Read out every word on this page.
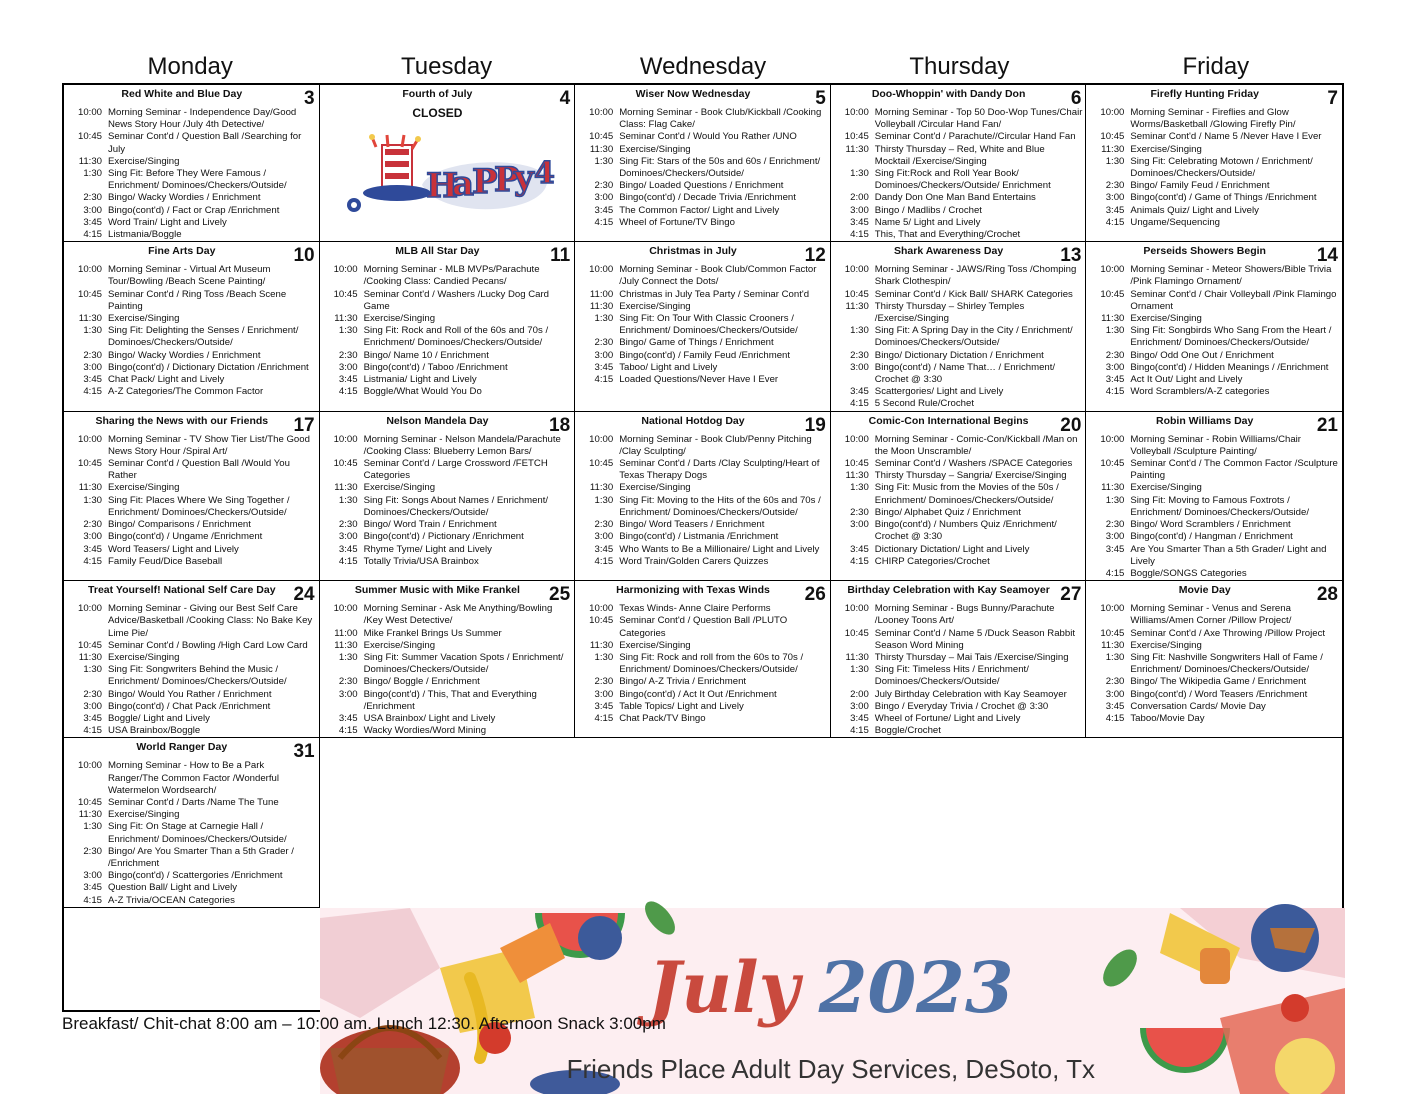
Monday	Tuesday	Wednesday	Thursday	Friday
Red White and Blue Day	3
10:00 Morning Seminar - Independence Day/Good News Story Hour /July 4th Detective/
10:45 Seminar Cont'd / Question Ball /Searching for July
11:30 Exercise/Singing
1:30 Sing Fit: Before They Were Famous / Enrichment/ Dominoes/Checkers/Outside/
2:30 Bingo/ Wacky Wordies / Enrichment
3:00 Bingo(cont'd) / Fact or Crap /Enrichment
3:45 Word Train/ Light and Lively
4:15 Listmania/Boggle
Fourth of July	4
CLOSED
H
a
P
P
y 4
Wiser Now Wednesday	5
10:00 Morning Seminar - Book Club/Kickball /Cooking Class: Flag Cake/
10:45 Seminar Cont'd / Would You Rather /UNO
11:30 Exercise/Singing
1:30 Sing Fit: Stars of the 50s and 60s / Enrichment/ Dominoes/Checkers/Outside/
2:30 Bingo/ Loaded Questions / Enrichment
3:00 Bingo(cont'd) / Decade Trivia /Enrichment
3:45 The Common Factor/ Light and Lively
4:15 Wheel of Fortune/TV Bingo
Doo-Whoppin' with Dandy Don	6
10:00 Morning Seminar - Top 50 Doo-Wop Tunes/Chair Volleyball /Circular Hand Fan/
10:45 Seminar Cont'd / Parachute//Circular Hand Fan
11:30 Thirsty Thursday – Red, White and Blue Mocktail /Exercise/Singing
1:30 Sing Fit:Rock and Roll Year Book/ Dominoes/Checkers/Outside/ Enrichment
2:00 Dandy Don One Man Band Entertains
3:00 Bingo / Madlibs / Crochet
3:45 Name 5/ Light and Lively
4:15 This, That and Everything/Crochet
Firefly Hunting Friday	7
10:00 Morning Seminar - Fireflies and Glow Worms/Basketball /Glowing Firefly Pin/
10:45 Seminar Cont'd / Name 5 /Never Have I Ever
11:30 Exercise/Singing
1:30 Sing Fit: Celebrating Motown / Enrichment/ Dominoes/Checkers/Outside/
2:30 Bingo/ Family Feud / Enrichment
3:00 Bingo(cont'd) / Game of Things /Enrichment
3:45 Animals Quiz/ Light and Lively
4:15 Ungame/Sequencing
Fine Arts Day	10
10:00 Morning Seminar - Virtual Art Museum Tour/Bowling /Beach Scene Painting/
10:45 Seminar Cont'd / Ring Toss /Beach Scene Painting
11:30 Exercise/Singing
1:30 Sing Fit: Delighting the Senses / Enrichment/ Dominoes/Checkers/Outside/
2:30 Bingo/ Wacky Wordies / Enrichment
3:00 Bingo(cont'd) / Dictionary Dictation /Enrichment
3:45 Chat Pack/ Light and Lively
4:15 A-Z Categories/The Common Factor
MLB All Star Day	11
10:00 Morning Seminar - MLB MVPs/Parachute /Cooking Class: Candied Pecans/
10:45 Seminar Cont'd / Washers /Lucky Dog Card Game
11:30 Exercise/Singing
1:30 Sing Fit: Rock and Roll of the 60s and 70s / Enrichment/ Dominoes/Checkers/Outside/
2:30 Bingo/ Name 10 / Enrichment
3:00 Bingo(cont'd) / Taboo /Enrichment
3:45 Listmania/ Light and Lively
4:15 Boggle/What Would You Do
Christmas in July	12
10:00 Morning Seminar - Book Club/Common Factor /July Connect the Dots/
11:00 Christmas in July Tea Party / Seminar Cont'd
11:30 Exercise/Singing
1:30 Sing Fit: On Tour With Classic Crooners / Enrichment/ Dominoes/Checkers/Outside/
2:30 Bingo/ Game of Things / Enrichment
3:00 Bingo(cont'd) / Family Feud /Enrichment
3:45 Taboo/ Light and Lively
4:15 Loaded Questions/Never Have I Ever
Shark Awareness Day	13
10:00 Morning Seminar - JAWS/Ring Toss /Chomping Shark Clothespin/
10:45 Seminar Cont'd / Kick Ball/ SHARK Categories
11:30 Thirsty Thursday – Shirley Temples /Exercise/Singing
1:30 Sing Fit: A Spring Day in the City / Enrichment/ Dominoes/Checkers/Outside/
2:30 Bingo/ Dictionary Dictation / Enrichment
3:00 Bingo(cont'd) / Name That… / Enrichment/ Crochet @ 3:30
3:45 Scattergories/ Light and Lively
4:15 5 Second Rule/Crochet
Perseids Showers Begin	14
10:00 Morning Seminar - Meteor Showers/Bible Trivia /Pink Flamingo Ornament/
10:45 Seminar Cont'd / Chair Volleyball /Pink Flamingo Ornament
11:30 Exercise/Singing
1:30 Sing Fit: Songbirds Who Sang From the Heart / Enrichment/ Dominoes/Checkers/Outside/
2:30 Bingo/ Odd One Out / Enrichment
3:00 Bingo(cont'd) / Hidden Meanings / /Enrichment
3:45 Act It Out/ Light and Lively
4:15 Word Scramblers/A-Z categories
Sharing the News with our Friends	17
10:00 Morning Seminar - TV Show Tier List/The Good News Story Hour /Spiral Art/
10:45 Seminar Cont'd / Question Ball /Would You Rather
11:30 Exercise/Singing
1:30 Sing Fit: Places Where We Sing Together / Enrichment/ Dominoes/Checkers/Outside/
2:30 Bingo/ Comparisons / Enrichment
3:00 Bingo(cont'd) / Ungame /Enrichment
3:45 Word Teasers/ Light and Lively
4:15 Family Feud/Dice Baseball
Nelson Mandela Day	18
10:00 Morning Seminar - Nelson Mandela/Parachute /Cooking Class: Blueberry Lemon Bars/
10:45 Seminar Cont'd / Large Crossword /FETCH Categories
11:30 Exercise/Singing
1:30 Sing Fit: Songs About Names / Enrichment/ Dominoes/Checkers/Outside/
2:30 Bingo/ Word Train / Enrichment
3:00 Bingo(cont'd) / Pictionary /Enrichment
3:45 Rhyme Tyme/ Light and Lively
4:15 Totally Trivia/USA Brainbox
National Hotdog Day	19
10:00 Morning Seminar - Book Club/Penny Pitching /Clay Sculpting/
10:45 Seminar Cont'd / Darts /Clay Sculpting/Heart of Texas Therapy Dogs
11:30 Exercise/Singing
1:30 Sing Fit: Moving to the Hits of the 60s and 70s / Enrichment/ Dominoes/Checkers/Outside/
2:30 Bingo/ Word Teasers / Enrichment
3:00 Bingo(cont'd) / Listmania /Enrichment
3:45 Who Wants to Be a Millionaire/ Light and Lively
4:15 Word Train/Golden Carers Quizzes
Comic-Con International Begins	20
10:00 Morning Seminar - Comic-Con/Kickball /Man on the Moon Unscramble/
10:45 Seminar Cont'd / Washers /SPACE Categories
11:30 Thirsty Thursday – Sangria/ Exercise/Singing
1:30 Sing Fit: Music from the Movies of the 50s / Enrichment/ Dominoes/Checkers/Outside/
2:30 Bingo/ Alphabet Quiz / Enrichment
3:00 Bingo(cont'd) / Numbers Quiz /Enrichment/ Crochet @ 3:30
3:45 Dictionary Dictation/ Light and Lively
4:15 CHIRP Categories/Crochet
Robin Williams Day	21
10:00 Morning Seminar - Robin Williams/Chair Volleyball /Sculpture Painting/
10:45 Seminar Cont'd / The Common Factor /Sculpture Painting
11:30 Exercise/Singing
1:30 Sing Fit: Moving to Famous Foxtrots / Enrichment/ Dominoes/Checkers/Outside/
2:30 Bingo/ Word Scramblers / Enrichment
3:00 Bingo(cont'd) / Hangman / Enrichment
3:45 Are You Smarter Than a 5th Grader/ Light and Lively
4:15 Boggle/SONGS Categories
Treat Yourself! National Self Care Day 24
10:00 Morning Seminar - Giving our Best Self Care Advice/Basketball /Cooking Class: No Bake Key Lime Pie/
10:45 Seminar Cont'd / Bowling /High Card Low Card
11:30 Exercise/Singing
1:30 Sing Fit: Songwriters Behind the Music / Enrichment/ Dominoes/Checkers/Outside/
2:30 Bingo/ Would You Rather / Enrichment
3:00 Bingo(cont'd) / Chat Pack /Enrichment
3:45 Boggle/ Light and Lively
4:15 USA Brainbox/Boggle
Summer Music with Mike Frankel	25
10:00 Morning Seminar - Ask Me Anything/Bowling /Key West Detective/
11:00 Mike Frankel Brings Us Summer
11:30 Exercise/Singing
1:30 Sing Fit: Summer Vacation Spots / Enrichment/ Dominoes/Checkers/Outside/
2:30 Bingo/ Boggle / Enrichment
3:00 Bingo(cont'd) / This, That and Everything /Enrichment
3:45 USA Brainbox/ Light and Lively
4:15 Wacky Wordies/Word Mining
Harmonizing with Texas Winds	26
10:00 Texas Winds- Anne Claire Performs
10:45 Seminar Cont'd / Question Ball /PLUTO Categories
11:30 Exercise/Singing
1:30 Sing Fit: Rock and roll from the 60s to 70s / Enrichment/ Dominoes/Checkers/Outside/
2:30 Bingo/ A-Z Trivia / Enrichment
3:00 Bingo(cont'd) / Act It Out /Enrichment
3:45 Table Topics/ Light and Lively
4:15 Chat Pack/TV Bingo
Birthday Celebration with Kay Seamoyer 27
10:00 Morning Seminar - Bugs Bunny/Parachute /Looney Toons Art/
10:45 Seminar Cont'd / Name 5 /Duck Season Rabbit Season Word Mining
11:30 Thirsty Thursday – Mai Tais /Exercise/Singing
1:30 Sing Fit: Timeless Hits / Enrichment/ Dominoes/Checkers/Outside/
2:00 July Birthday Celebration with Kay Seamoyer
3:00 Bingo / Everyday Trivia / Crochet @ 3:30
3:45 Wheel of Fortune/ Light and Lively
4:15 Boggle/Crochet
Movie Day	28
10:00 Morning Seminar - Venus and Serena Williams/Amen Corner /Pillow Project/
10:45 Seminar Cont'd / Axe Throwing /Pillow Project
11:30 Exercise/Singing
1:30 Sing Fit: Nashville Songwriters Hall of Fame / Enrichment/ Dominoes/Checkers/Outside/
2:30 Bingo/ The Wikipedia Game / Enrichment
3:00 Bingo(cont'd) / Word Teasers /Enrichment
3:45 Conversation Cards/ Movie Day
4:15 Taboo/Movie Day
World Ranger Day	31
10:00 Morning Seminar - How to Be a Park Ranger/The Common Factor /Wonderful Watermelon Wordsearch/
10:45 Seminar Cont'd / Darts /Name The Tune
11:30 Exercise/Singing
1:30 Sing Fit: On Stage at Carnegie Hall / Enrichment/ Dominoes/Checkers/Outside/
2:30 Bingo/ Are You Smarter Than a 5th Grader / /Enrichment
3:00 Bingo(cont'd) / Scattergories /Enrichment
3:45 Question Ball/ Light and Lively
4:15 A-Z Trivia/OCEAN Categories
July 2023
Friends Place Adult Day Services, DeSoto, Tx
Breakfast/ Chit-chat 8:00 am – 10:00 am. Lunch 12:30. Afternoon Snack 3:00pm
